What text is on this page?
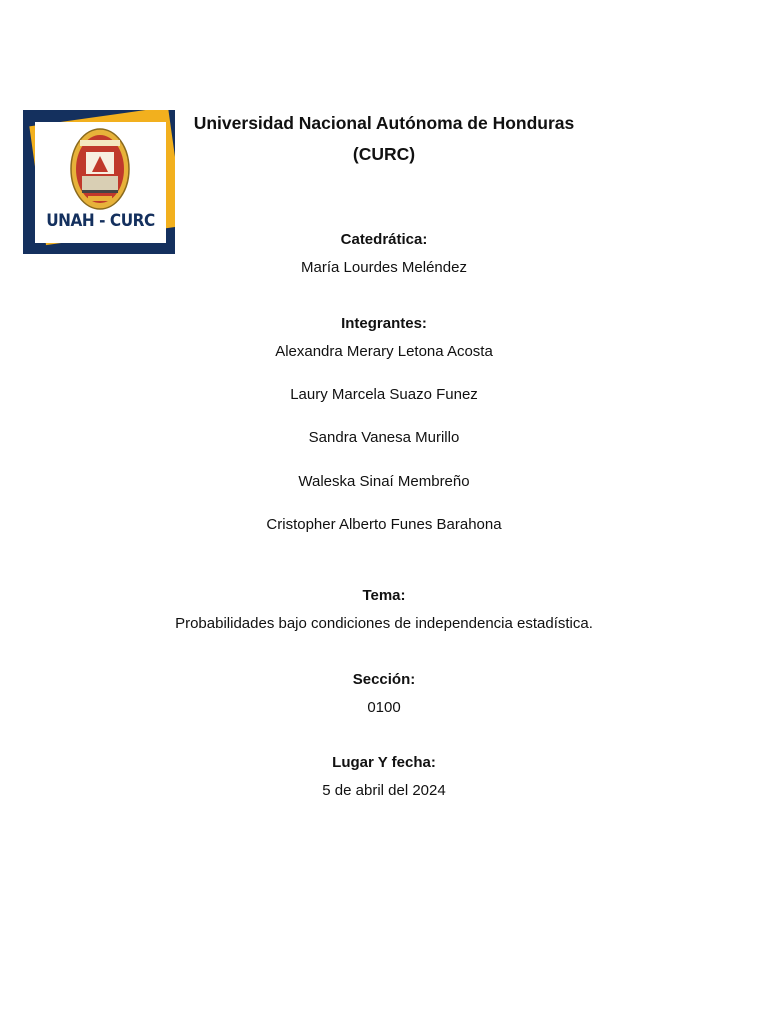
UNAH - CURC
Universidad Nacional Autónoma de Honduras
(CURC)
Catedrática:
María Lourdes Meléndez
Integrantes:
Alexandra Merary Letona Acosta
Laury Marcela Suazo Funez
Sandra Vanesa Murillo
Waleska Sinaí Membreño
Cristopher Alberto Funes Barahona
Tema:
Probabilidades bajo condiciones de independencia estadística.
Sección:
0100
Lugar Y fecha:
5 de abril del 2024
